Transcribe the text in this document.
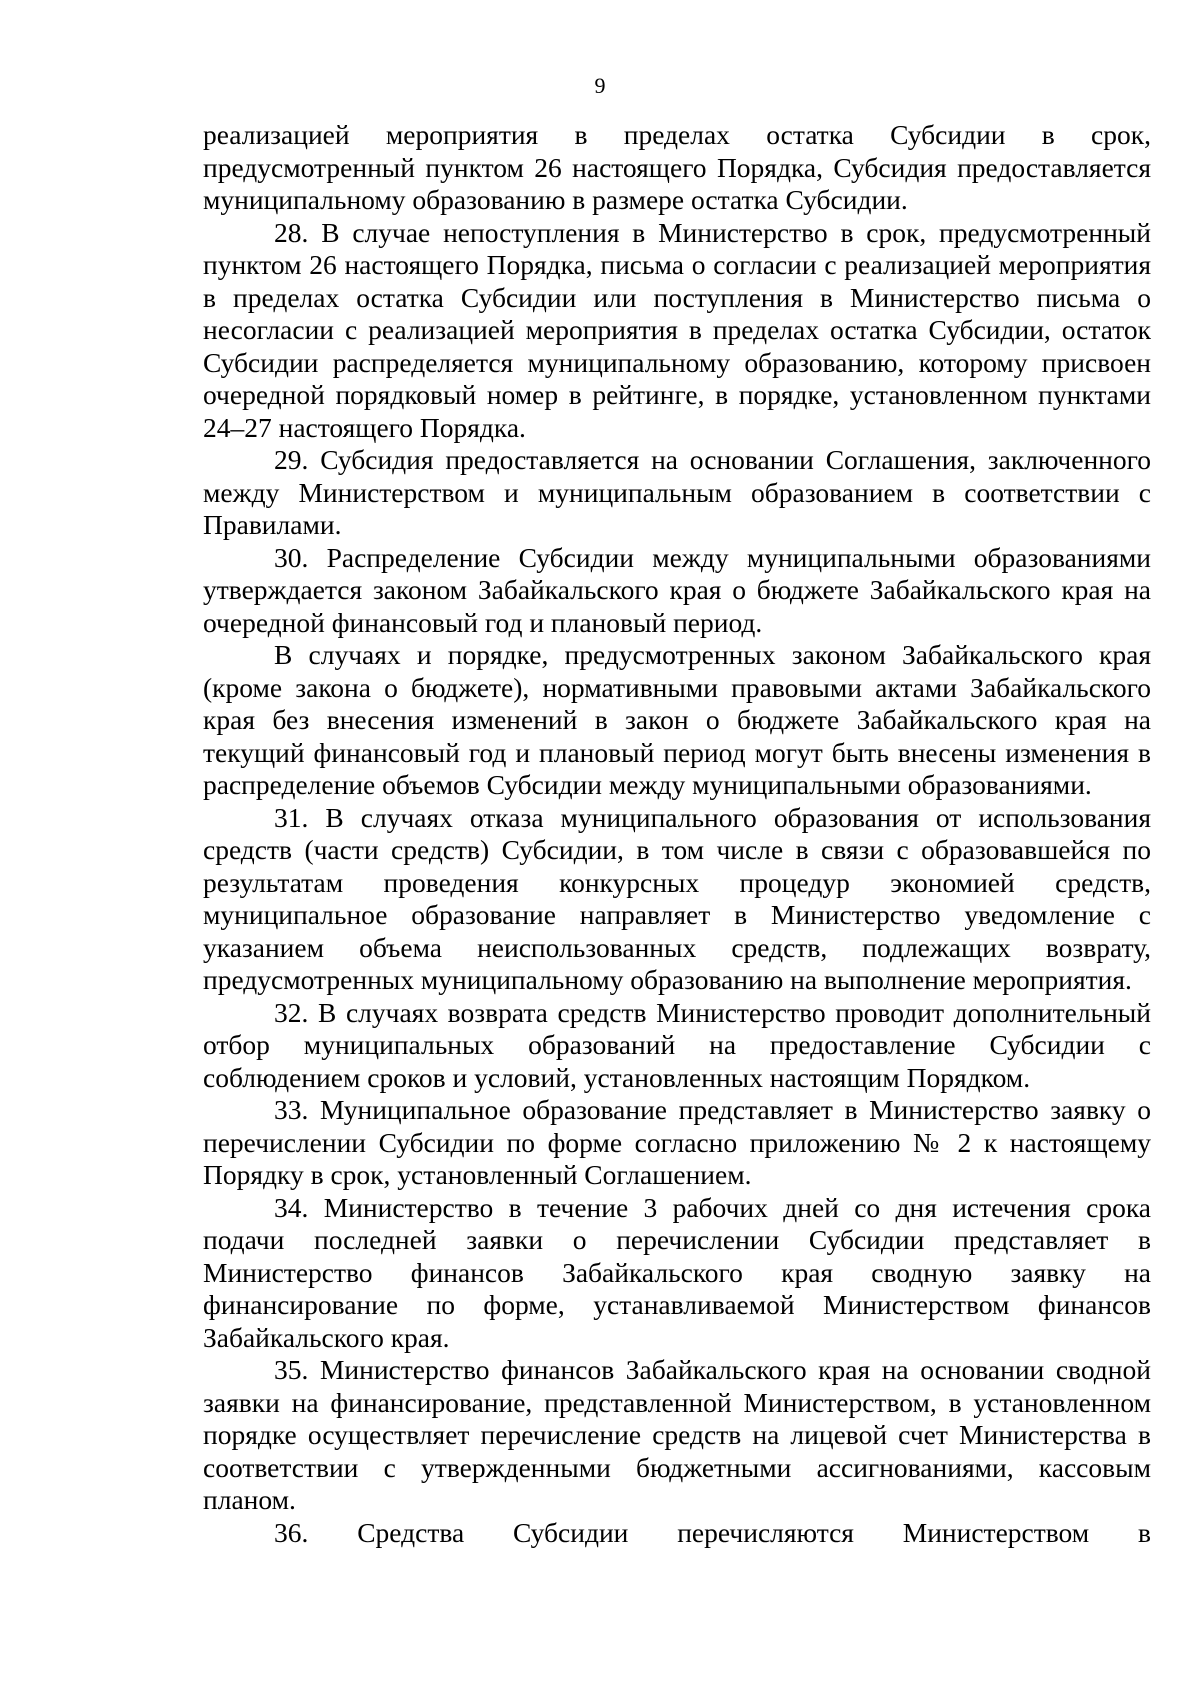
9

реализацией мероприятия в пределах остатка Субсидии в срок, предусмотренный пунктом 26 настоящего Порядка, Субсидия предоставляется муниципальному образованию в размере остатка Субсидии.

28. В случае непоступления в Министерство в срок, предусмотренный пунктом 26 настоящего Порядка, письма о согласии с реализацией мероприятия в пределах остатка Субсидии или поступления в Министерство письма о несогласии с реализацией мероприятия в пределах остатка Субсидии, остаток Субсидии распределяется муниципальному образованию, которому присвоен очередной порядковый номер в рейтинге, в порядке, установленном пунктами 24–27 настоящего Порядка.

29. Субсидия предоставляется на основании Соглашения, заключенного между Министерством и муниципальным образованием в соответствии с Правилами.

30. Распределение Субсидии между муниципальными образованиями утверждается законом Забайкальского края о бюджете Забайкальского края на очередной финансовый год и плановый период.

В случаях и порядке, предусмотренных законом Забайкальского края (кроме закона о бюджете), нормативными правовыми актами Забайкальского края без внесения изменений в закон о бюджете Забайкальского края на текущий финансовый год и плановый период могут быть внесены изменения в распределение объемов Субсидии между муниципальными образованиями.

31. В случаях отказа муниципального образования от использования средств (части средств) Субсидии, в том числе в связи с образовавшейся по результатам проведения конкурсных процедур экономией средств, муниципальное образование направляет в Министерство уведомление с указанием объема неиспользованных средств, подлежащих возврату, предусмотренных муниципальному образованию на выполнение мероприятия.

32. В случаях возврата средств Министерство проводит дополнительный отбор муниципальных образований на предоставление Субсидии с соблюдением сроков и условий, установленных настоящим Порядком.

33. Муниципальное образование представляет в Министерство заявку о перечислении Субсидии по форме согласно приложению № 2 к настоящему Порядку в срок, установленный Соглашением.

34. Министерство в течение 3 рабочих дней со дня истечения срока подачи последней заявки о перечислении Субсидии представляет в Министерство финансов Забайкальского края сводную заявку на финансирование по форме, устанавливаемой Министерством финансов Забайкальского края.

35. Министерство финансов Забайкальского края на основании сводной заявки на финансирование, представленной Министерством, в установленном порядке осуществляет перечисление средств на лицевой счет Министерства в соответствии с утвержденными бюджетными ассигнованиями, кассовым планом.

36. Средства Субсидии перечисляются Министерством в
